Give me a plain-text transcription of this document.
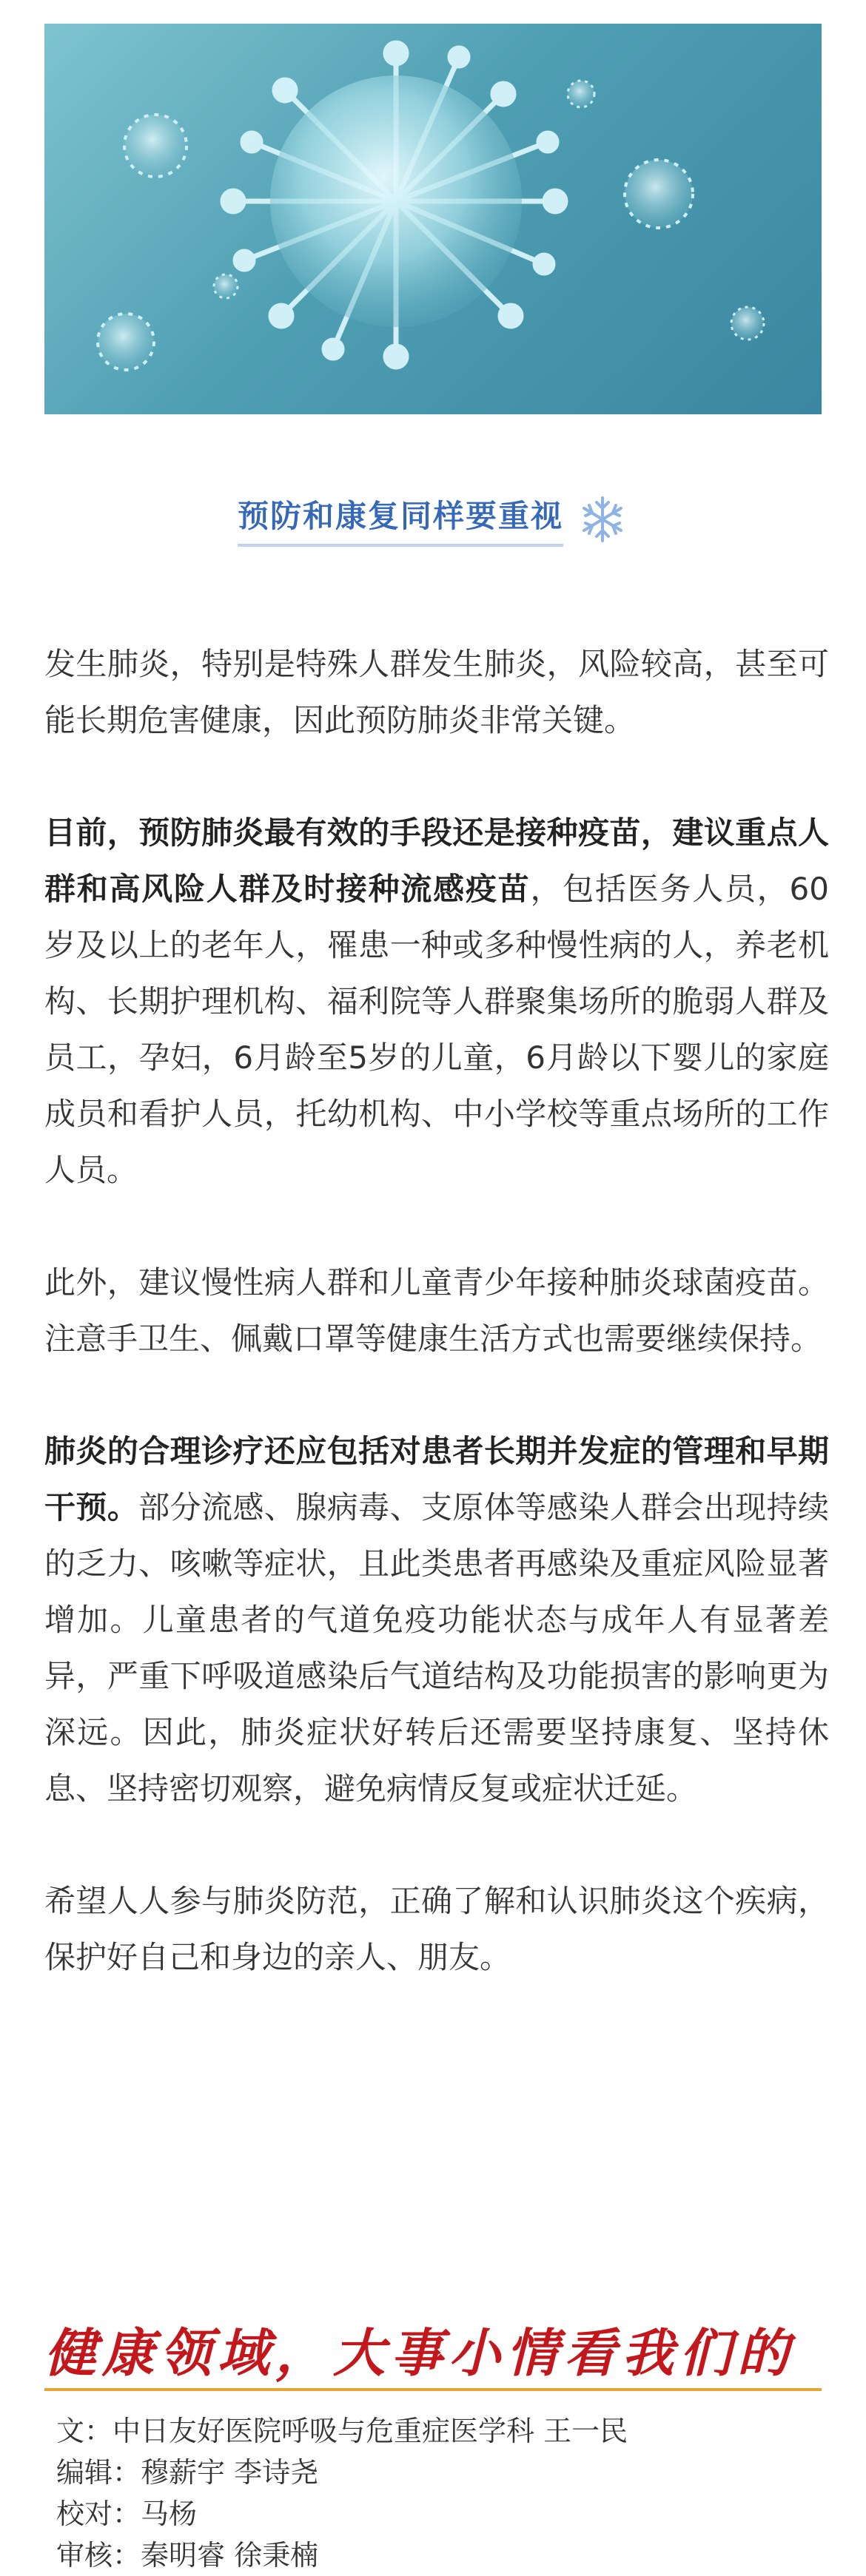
预防和康复同样要重视

发生肺炎，特别是特殊人群发生肺炎，风险较高，甚至可能长期危害健康，因此预防肺炎非常关键。

目前，预防肺炎最有效的手段还是接种疫苗，建议重点人群和高风险人群及时接种流感疫苗，包括医务人员，60岁及以上的老年人，罹患一种或多种慢性病的人，养老机构、长期护理机构、福利院等人群聚集场所的脆弱人群及员工，孕妇，6月龄至5岁的儿童，6月龄以下婴儿的家庭成员和看护人员，托幼机构、中小学校等重点场所的工作人员。

此外，建议慢性病人群和儿童青少年接种肺炎球菌疫苗。注意手卫生、佩戴口罩等健康生活方式也需要继续保持。

肺炎的合理诊疗还应包括对患者长期并发症的管理和早期干预。部分流感、腺病毒、支原体等感染人群会出现持续的乏力、咳嗽等症状，且此类患者再感染及重症风险显著增加。儿童患者的气道免疫功能状态与成年人有显著差异，严重下呼吸道感染后气道结构及功能损害的影响更为深远。因此，肺炎症状好转后还需要坚持康复、坚持休息、坚持密切观察，避免病情反复或症状迁延。

希望人人参与肺炎防范，正确了解和认识肺炎这个疾病，保护好自己和身边的亲人、朋友。

健康领域，大事小情看我们的
文： 中日友好医院呼吸与危重症医学科 王一民
编辑： 穆薪宇 李诗尧
校对： 马杨
审核： 秦明睿 徐秉楠
